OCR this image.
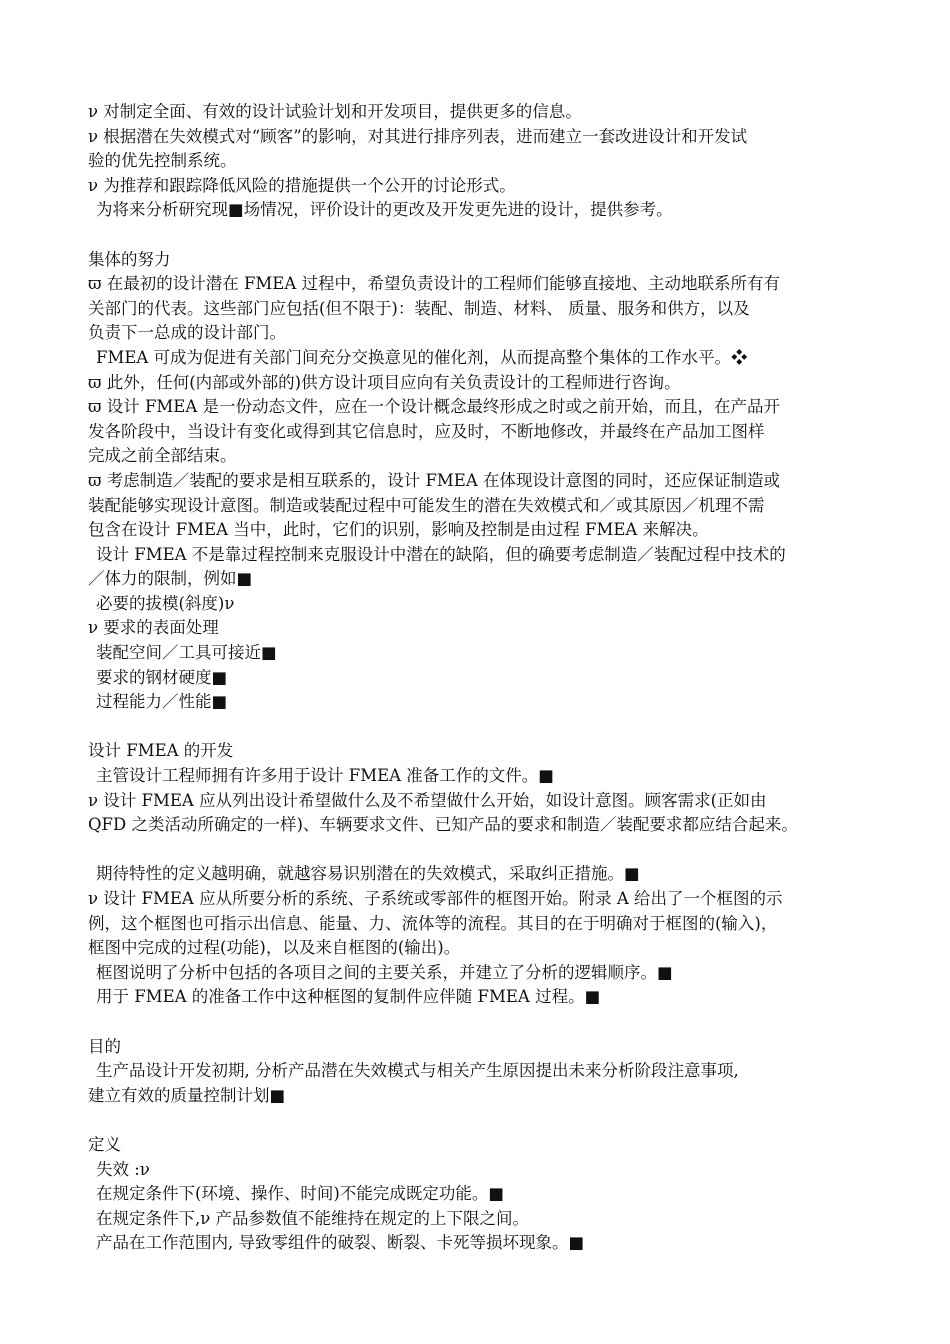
ν 对制定全面、有效的设计试验计划和开发项目，提供更多的信息。
ν 根据潜在失效模式对“顾客”的影响，对其进行排序列表，进而建立一套改进设计和开发试
验的优先控制系统。
ν 为推荐和跟踪降低风险的措施提供一个公开的讨论形式。
为将来分析研究现■场情况，评价设计的更改及开发更先进的设计，提供参考。
集体的努力
ϖ 在最初的设计潜在 FMEA 过程中，希望负责设计的工程师们能够直接地、主动地联系所有有
关部门的代表。这些部门应包括(但不限于)：装配、制造、材料、 质量、服务和供方，以及
负责下一总成的设计部门。
FMEA 可成为促进有关部门间充分交换意见的催化剂，从而提高整个集体的工作水平。❖
ϖ 此外，任何(内部或外部的)供方设计项目应向有关负责设计的工程师进行咨询。
ϖ 设计 FMEA 是一份动态文件，应在一个设计概念最终形成之时或之前开始，而且，在产品开
发各阶段中，当设计有变化或得到其它信息时，应及时，不断地修改，并最终在产品加工图样
完成之前全部结束。
ϖ 考虑制造／装配的要求是相互联系的，设计 FMEA 在体现设计意图的同时，还应保证制造或
装配能够实现设计意图。制造或装配过程中可能发生的潜在失效模式和／或其原因／机理不需
包含在设计 FMEA 当中，此时，它们的识别，影响及控制是由过程 FMEA 来解决。
设计 FMEA 不是靠过程控制来克服设计中潜在的缺陷，但的确要考虑制造／装配过程中技术的
／体力的限制，例如■
必要的拔模(斜度)ν
ν 要求的表面处理
装配空间／工具可接近■
要求的钢材硬度■
过程能力／性能■
设计 FMEA 的开发
主管设计工程师拥有许多用于设计 FMEA 准备工作的文件。■
ν 设计 FMEA 应从列出设计希望做什么及不希望做什么开始，如设计意图。顾客需求(正如由
QFD 之类活动所确定的一样)、车辆要求文件、已知产品的要求和制造／装配要求都应结合起来。
期待特性的定义越明确，就越容易识别潜在的失效模式，采取纠正措施。■
ν 设计 FMEA 应从所要分析的系统、子系统或零部件的框图开始。附录 A 给出了一个框图的示
例，这个框图也可指示出信息、能量、力、流体等的流程。其目的在于明确对于框图的(输入)，
框图中完成的过程(功能)，以及来自框图的(输出)。
框图说明了分析中包括的各项目之间的主要关系，并建立了分析的逻辑顺序。■
用于 FMEA 的准备工作中这种框图的复制件应伴随 FMEA 过程。■
目的
生产品设计开发初期, 分析产品潜在失效模式与相关产生原因提出未来分析阶段注意事项,
建立有效的质量控制计划■
定义
失效 :ν
在规定条件下(环境、操作、时间)不能完成既定功能。■
在规定条件下,ν 产品参数值不能维持在规定的上下限之间。
产品在工作范围内, 导致零组件的破裂、断裂、卡死等损坏现象。■
